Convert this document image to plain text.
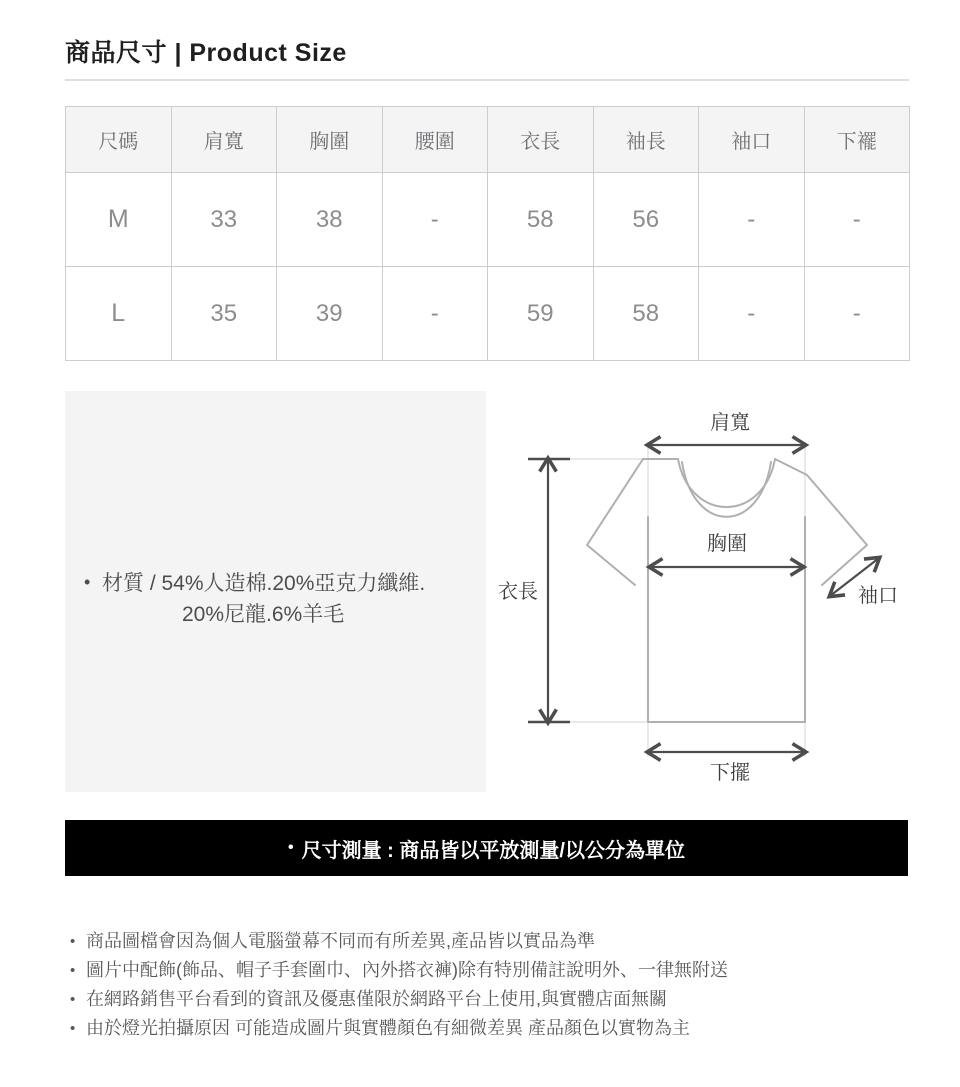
商品尺寸 | Product Size
尺碼	肩寬	胸圍	腰圍	衣長	袖長	袖口	下襬
M	33	38	-	58	56	-	-
L	35	39	-	59	58	-	-
• 材質 / 54%人造棉.20%亞克力纖維.
20%尼龍.6%羊毛
肩寬
胸圍
衣長	袖口
下擺
• 尺寸測量 : 商品皆以平放測量/以公分為單位
• 商品圖檔會因為個人電腦螢幕不同而有所差異,產品皆以實品為準
• 圖片中配飾(飾品、帽子手套圍巾、內外搭衣褲)除有特別備註說明外、一律無附送
• 在網路銷售平台看到的資訊及優惠僅限於網路平台上使用,與實體店面無關
• 由於燈光拍攝原因 可能造成圖片與實體顏色有細微差異 產品顏色以實物為主
